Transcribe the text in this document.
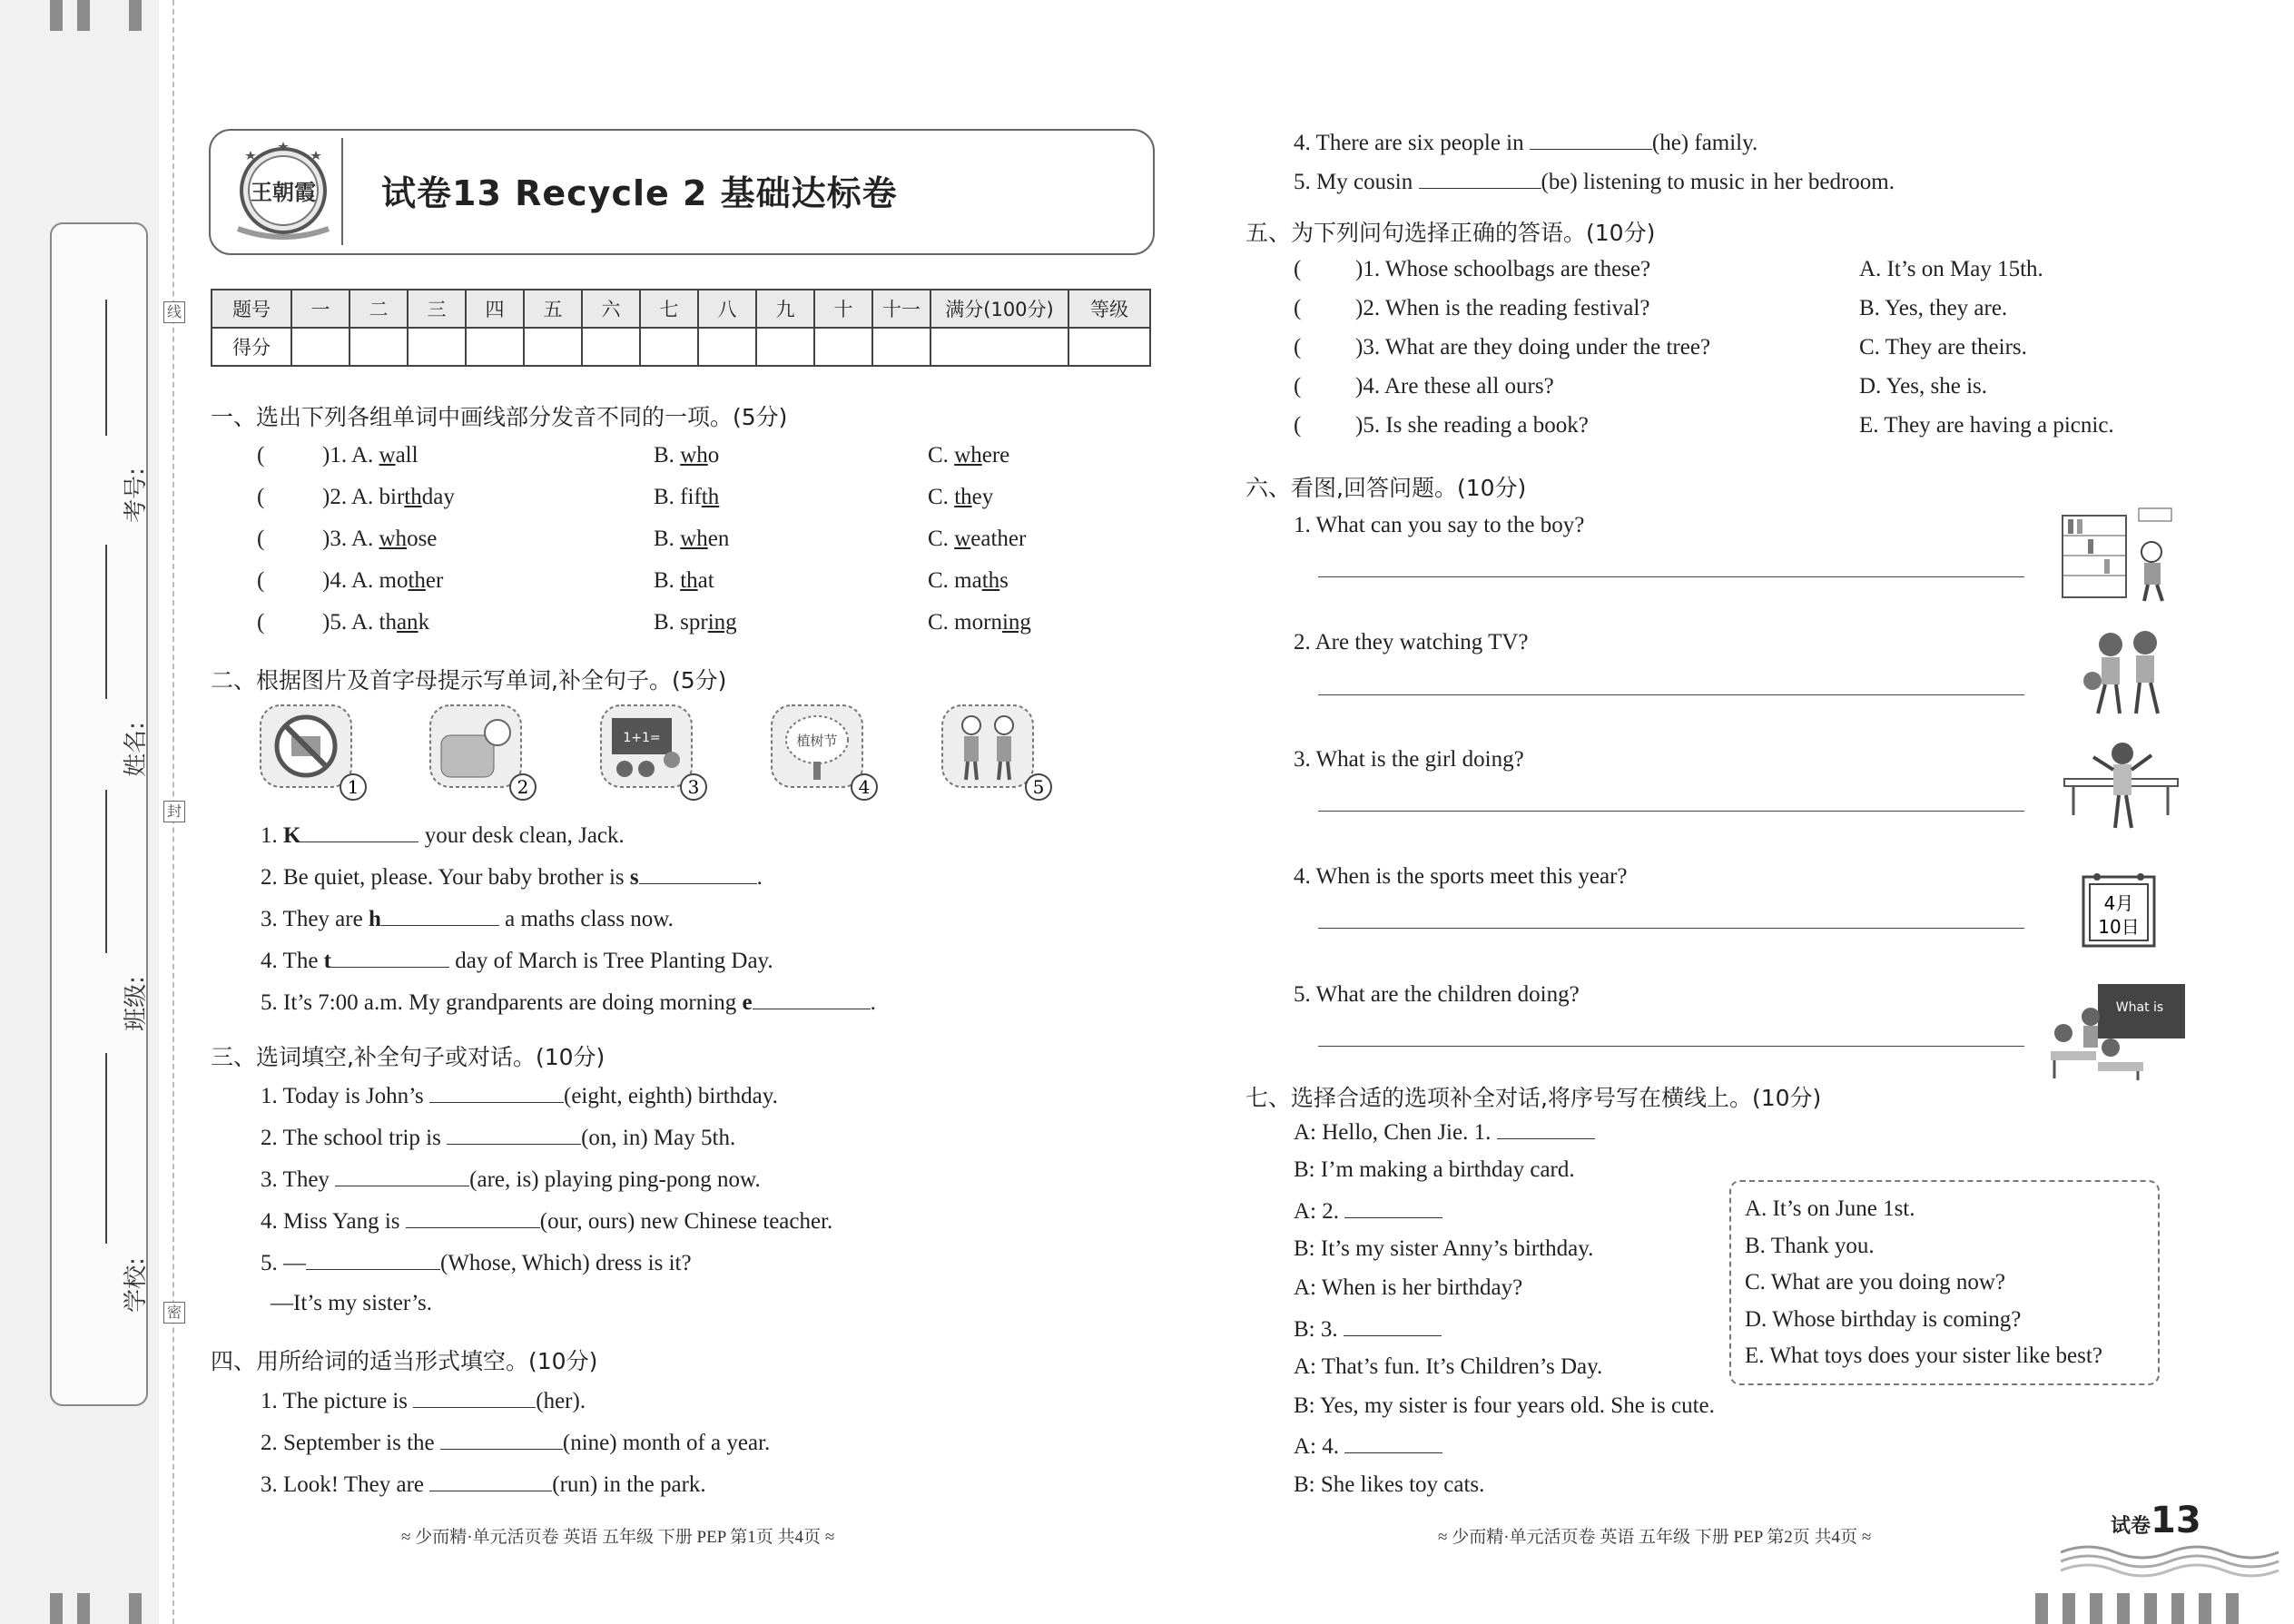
考号:
姓名:
班级:
学校:
线
封
密
王朝霞 试卷13 Recycle 2 基础达标卷
题号	一	二	三	四	五	六	七	八	九	十	十一	满分(100分)	等级
得分													
一、选出下列各组单词中画线部分发音不同的一项。(5分)
(	)1. A. wall	B. who	C. where
(	)2. A. birthday	B. fifth	C. they
(	)3. A. whose	B. when	C. weather
(	)4. A. mother	B. that	C. maths
(	)5. A. thank	B. spring	C. morning
二、根据图片及首字母提示写单词,补全句子。(5分)
1	2
1+1=
3
植树节
4	5
1. K	your desk clean, Jack.
2. Be quiet, please. Your baby brother is s	.
3. They are h	a maths class now.
4. The t	day of March is Tree Planting Day.
5. It’s 7:00 a.m. My grandparents are doing morning e	.
三、选词填空,补全句子或对话。(10分)
1. Today is John’s	(eight, eighth) birthday.
2. The school trip is	(on, in) May 5th.
3. They	(are, is) playing ping-pong now.
4. Miss Yang is	(our, ours) new Chinese teacher.
5. —	(Whose, Which) dress is it?
—It’s my sister’s.
四、用所给词的适当形式填空。(10分)
1. The picture is	(her).
2. September is the	(nine) month of a year.
3. Look! They are	(run) in the park.
4. There are six people in	(he) family.
5. My cousin	(be) listening to music in her bedroom.
五、为下列问句选择正确的答语。(10分)
( )1. Whose schoolbags are these?	A. It’s on May 15th.
( )2. When is the reading festival?	B. Yes, they are.
( )3. What are they doing under the tree?	C. They are theirs.
( )4. Are these all ours?	D. Yes, she is.
( )5. Is she reading a book?	E. They are having a picnic.
六、看图,回答问题。(10分)
1. What can you say to the boy?
2. Are they watching TV?
3. What is the girl doing?
4. When is the sports meet this year?
5. What are the children doing?
4月
10日
What is
七、选择合适的选项补全对话,将序号写在横线上。(10分)
A: Hello, Chen Jie. 1.
B: I’m making a birthday card.
A: 2.
B: It’s my sister Anny’s birthday.
A: When is her birthday?
B: 3.
A: That’s fun. It’s Children’s Day.
B: Yes, my sister is four years old. She is cute.
A: 4.
B: She likes toy cats.
A. It’s on June 1st.
B. Thank you.
C. What are you doing now?
D. Whose birthday is coming?
E. What toys does your sister like best?
≈ 少而精·单元活页卷 英语 五年级 下册 PEP 第1页 共4页 ≈	≈ 少而精·单元活页卷 英语 五年级 下册 PEP 第2页 共4页 ≈	试卷13
